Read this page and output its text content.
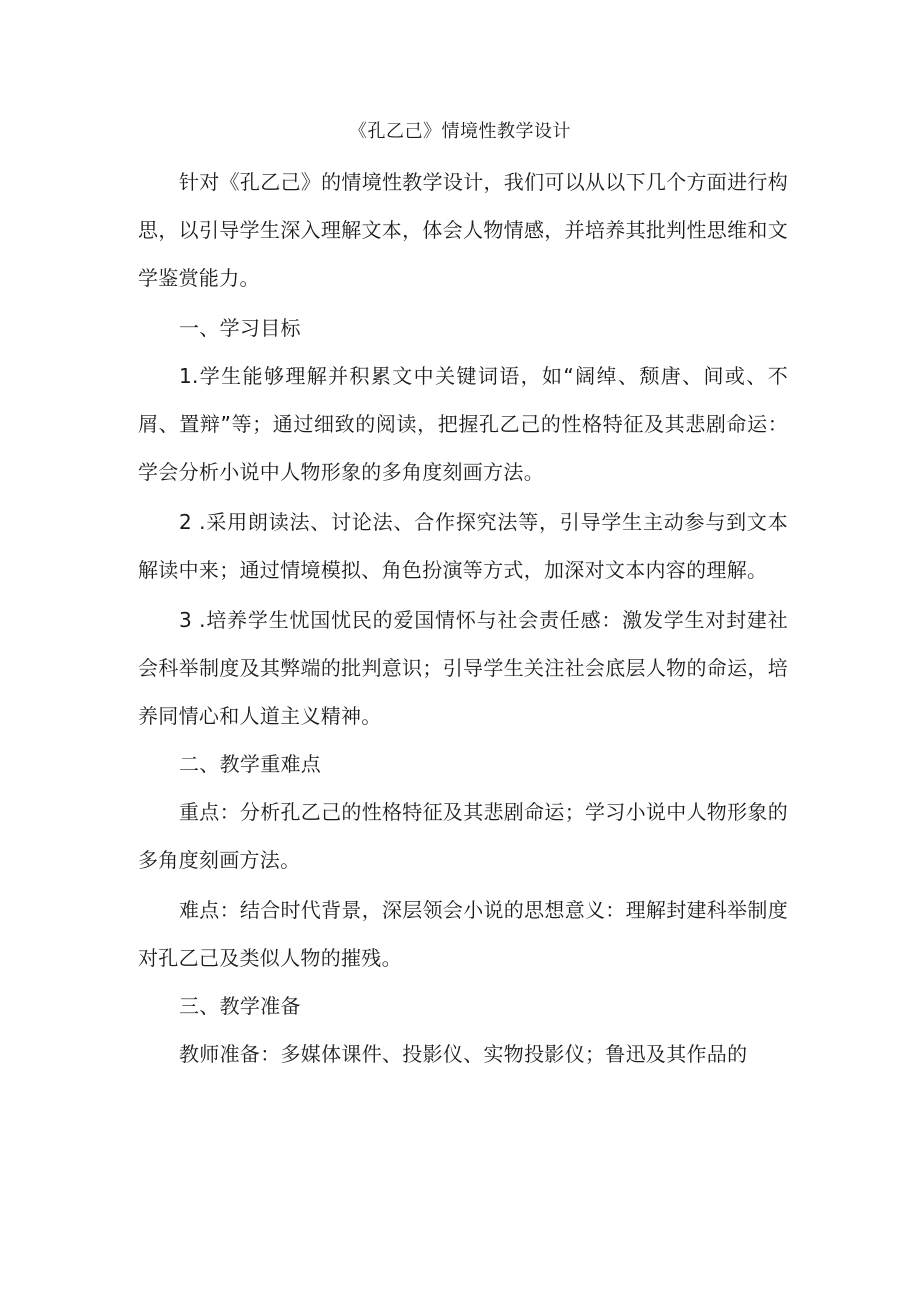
《孔乙己》情境性教学设计
针对《孔乙己》的情境性教学设计，我们可以从以下几个方面进行构思，以引导学生深入理解文本，体会人物情感，并培养其批判性思维和文学鉴赏能力。
一、学习目标
1.学生能够理解并积累文中关键词语，如“阔绰、颓唐、间或、不屑、置辩”等；通过细致的阅读，把握孔乙己的性格特征及其悲剧命运：学会分析小说中人物形象的多角度刻画方法。
2 .采用朗读法、讨论法、合作探究法等，引导学生主动参与到文本解读中来；通过情境模拟、角色扮演等方式，加深对文本内容的理解。
3 .培养学生忧国忧民的爱国情怀与社会责任感：激发学生对封建社会科举制度及其弊端的批判意识；引导学生关注社会底层人物的命运，培养同情心和人道主义精神。
二、教学重难点
重点：分析孔乙己的性格特征及其悲剧命运；学习小说中人物形象的多角度刻画方法。
难点：结合时代背景，深层领会小说的思想意义：理解封建科举制度对孔乙己及类似人物的摧残。
三、教学准备
教师准备：多媒体课件、投影仪、实物投影仪；鲁迅及其作品的
